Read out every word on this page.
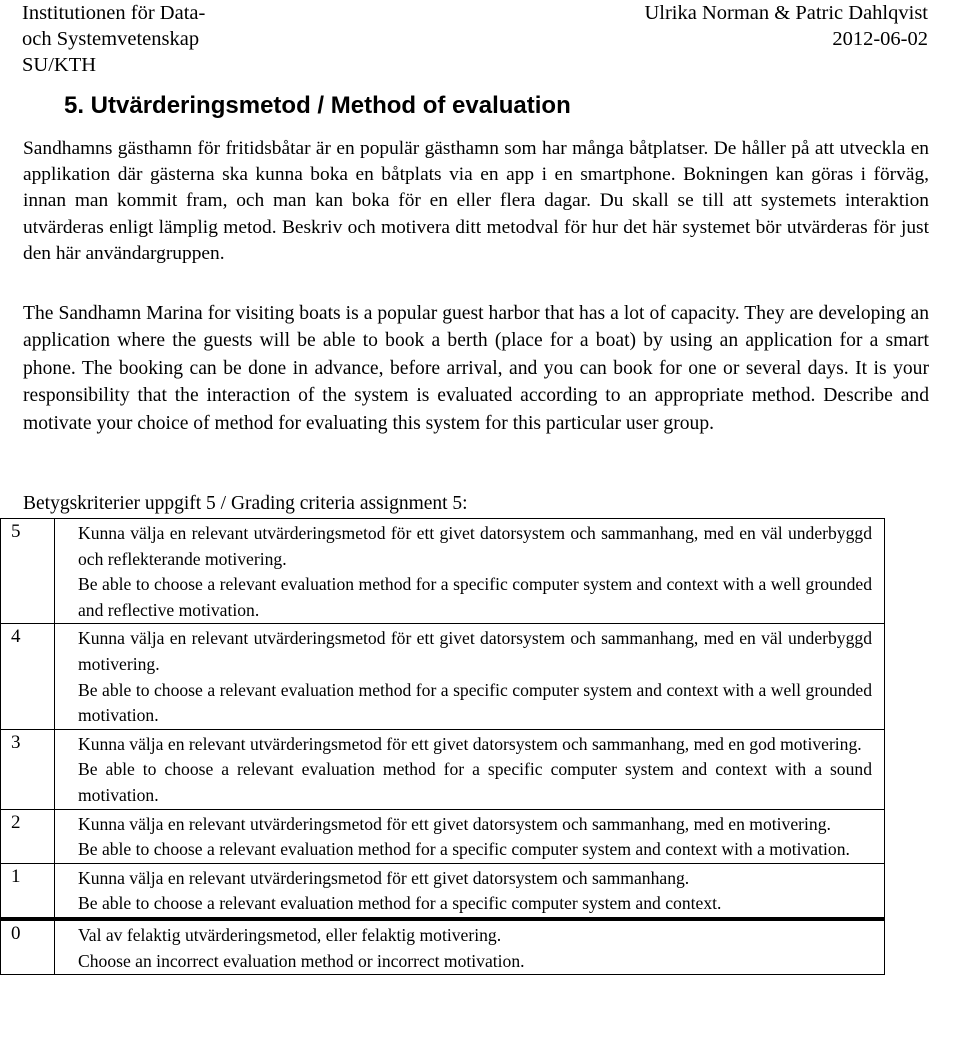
Institutionen för Data-
och Systemvetenskap
SU/KTH
Ulrika Norman & Patric Dahlqvist
2012-06-02
5. Utvärderingsmetod / Method of evaluation

Sandhamns gästhamn för fritidsbåtar är en populär gästhamn som har många båtplatser. De håller på att utveckla en applikation där gästerna ska kunna boka en båtplats via en app i en smartphone. Bokningen kan göras i förväg, innan man kommit fram, och man kan boka för en eller flera dagar. Du skall se till att systemets interaktion utvärderas enligt lämplig metod. Beskriv och motivera ditt metodval för hur det här systemet bör utvärderas för just den här användargruppen.

The Sandhamn Marina for visiting boats is a popular guest harbor that has a lot of capacity. They are developing an application where the guests will be able to book a berth (place for a boat) by using an application for a smart phone. The booking can be done in advance, before arrival, and you can book for one or several days. It is your responsibility that the interaction of the system is evaluated according to an appropriate method. Describe and motivate your choice of method for evaluating this system for this particular user group.

Betygskriterier uppgift 5 / Grading criteria assignment 5:
5	Kunna välja en relevant utvärderingsmetod för ett givet datorsystem och sammanhang, med en väl underbyggd och reflekterande motivering.
Be able to choose a relevant evaluation method for a specific computer system and context with a well grounded and reflective motivation.

4	Kunna välja en relevant utvärderingsmetod för ett givet datorsystem och sammanhang, med en väl underbyggd motivering.
Be able to choose a relevant evaluation method for a specific computer system and context with a well grounded motivation.

3	Kunna välja en relevant utvärderingsmetod för ett givet datorsystem och sammanhang, med en god motivering.
Be able to choose a relevant evaluation method for a specific computer system and context with a sound motivation.

2	Kunna välja en relevant utvärderingsmetod för ett givet datorsystem och sammanhang, med en motivering.
Be able to choose a relevant evaluation method for a specific computer system and context with a motivation.

1	Kunna välja en relevant utvärderingsmetod för ett givet datorsystem och sammanhang.
Be able to choose a relevant evaluation method for a specific computer system and context.

0	Val av felaktig utvärderingsmetod, eller felaktig motivering.
Choose an incorrect evaluation method or incorrect motivation.
